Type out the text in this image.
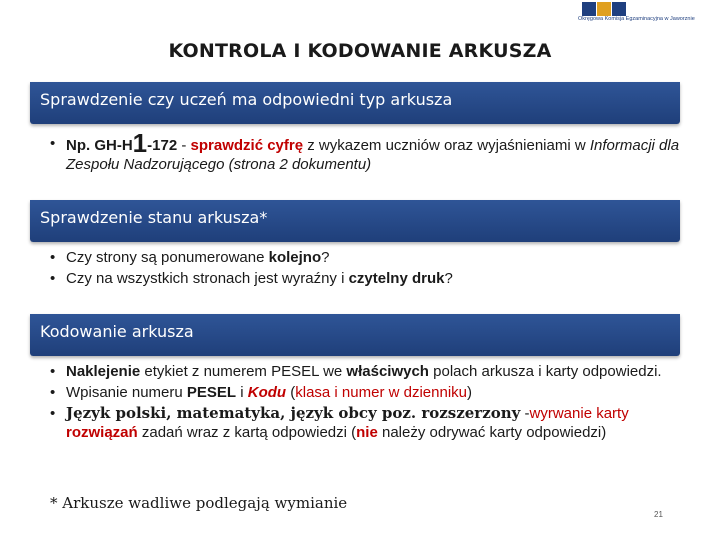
Okręgowa Komisja Egzaminacyjna w Jaworznie
KONTROLA I KODOWANIE ARKUSZA
Sprawdzenie czy uczeń ma odpowiedni typ arkusza
• Np. GH-H1-172 - sprawdzić cyfrę z wykazem uczniów oraz wyjaśnieniami w Informacji dla Zespołu Nadzorującego (strona 2 dokumentu)
Sprawdzenie stanu arkusza*
• Czy strony są ponumerowane kolejno?
• Czy na wszystkich stronach jest wyraźny i czytelny druk?
Kodowanie arkusza
• Naklejenie etykiet z numerem PESEL we właściwych polach arkusza i karty odpowiedzi.
• Wpisanie numeru PESEL i Kodu (klasa i numer w dzienniku)
• Język polski, matematyka, język obcy poz. rozszerzony -wyrwanie karty rozwiązań zadań wraz z kartą odpowiedzi (nie należy odrywać karty odpowiedzi)
* Arkusze wadliwe podlegają wymianie
21
